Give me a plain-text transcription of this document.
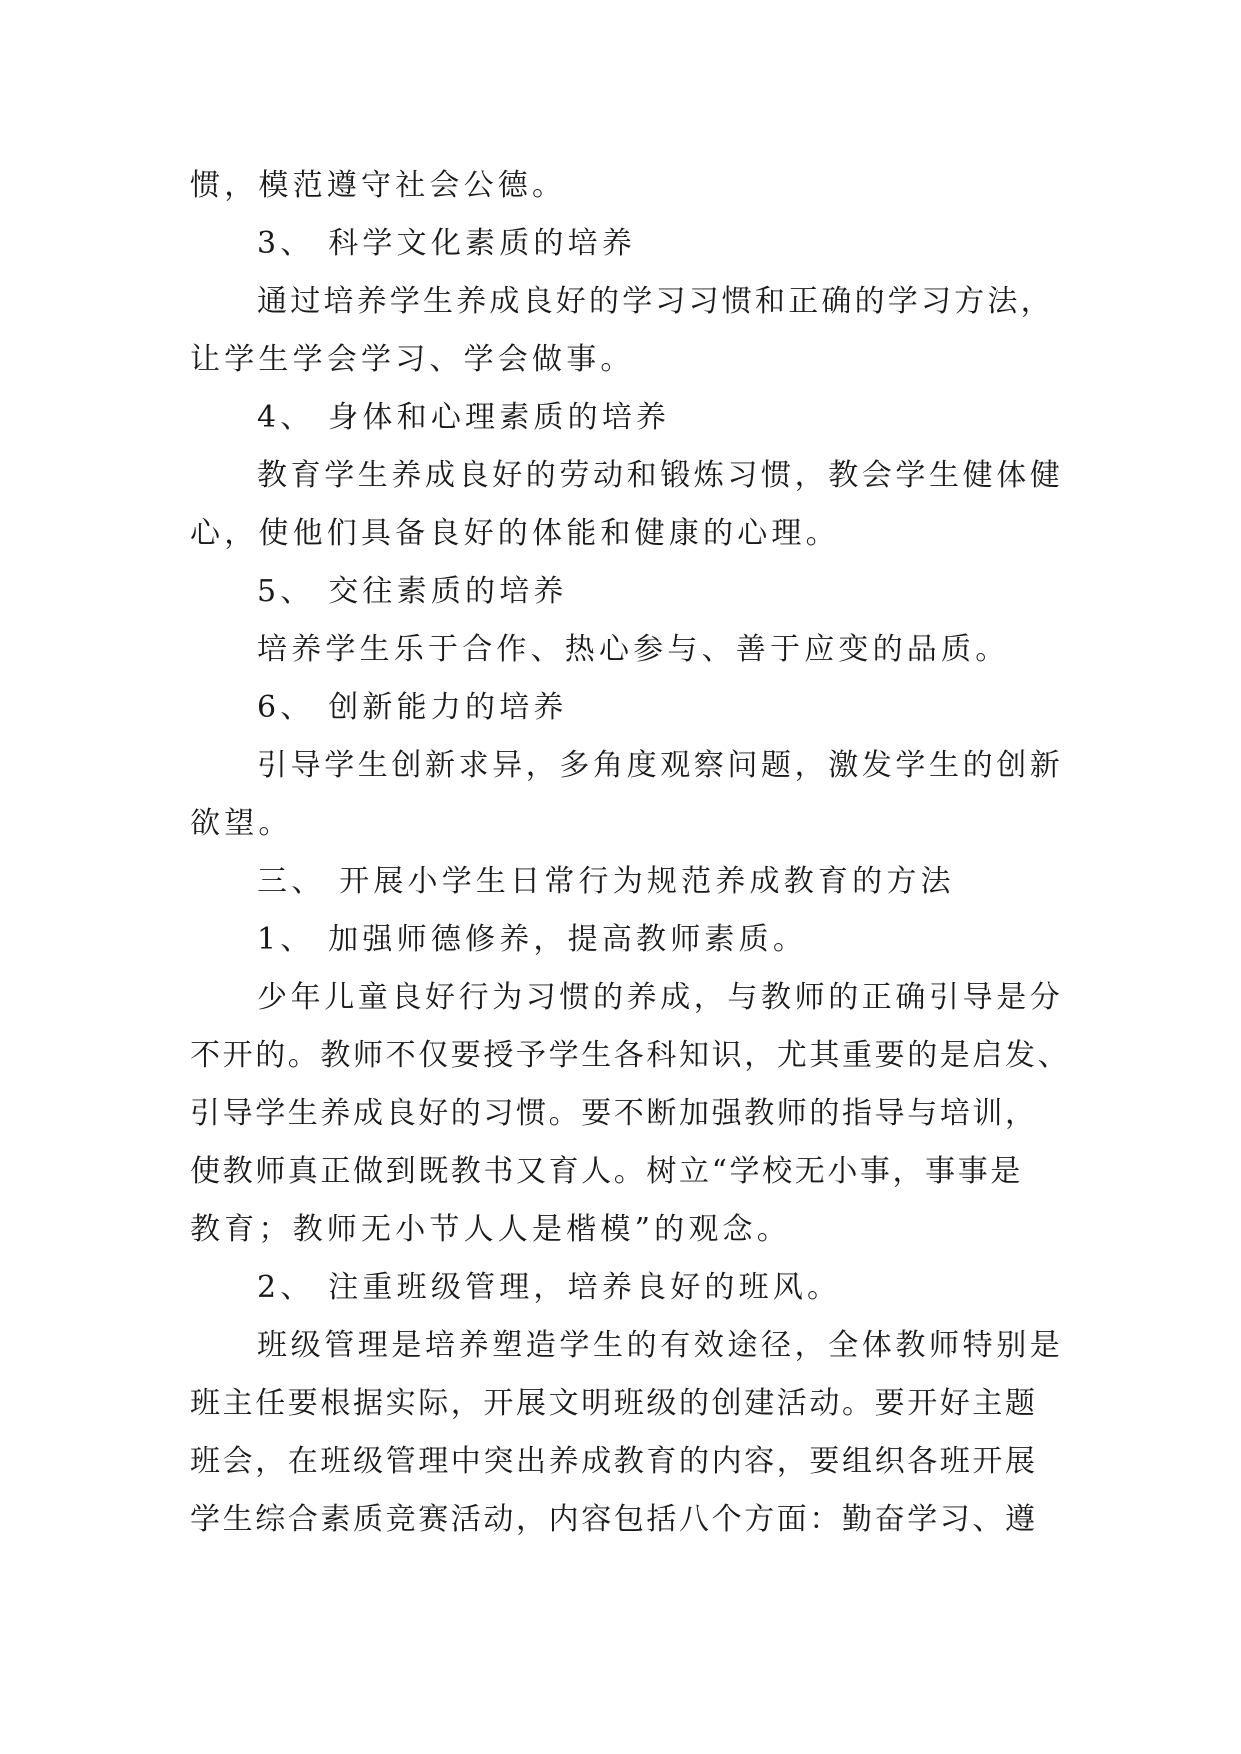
惯，模范遵守社会公德。
3、 科学文化素质的培养
通过培养学生养成良好的学习习惯和正确的学习方法，
让学生学会学习、学会做事。
4、 身体和心理素质的培养
教育学生养成良好的劳动和锻炼习惯，教会学生健体健
心，使他们具备良好的体能和健康的心理。
5、 交往素质的培养
培养学生乐于合作、热心参与、善于应变的品质。
6、 创新能力的培养
引导学生创新求异，多角度观察问题，激发学生的创新
欲望。
三、 开展小学生日常行为规范养成教育的方法
1、 加强师德修养，提高教师素质。
少年儿童良好行为习惯的养成，与教师的正确引导是分
不开的。教师不仅要授予学生各科知识，尤其重要的是启发、
引导学生养成良好的习惯。要不断加强教师的指导与培训，
使教师真正做到既教书又育人。树立“学校无小事，事事是
教育；教师无小节人人是楷模”的观念。
2、 注重班级管理，培养良好的班风。
班级管理是培养塑造学生的有效途径，全体教师特别是
班主任要根据实际，开展文明班级的创建活动。要开好主题
班会，在班级管理中突出养成教育的内容，要组织各班开展
学生综合素质竞赛活动，内容包括八个方面：勤奋学习、遵
